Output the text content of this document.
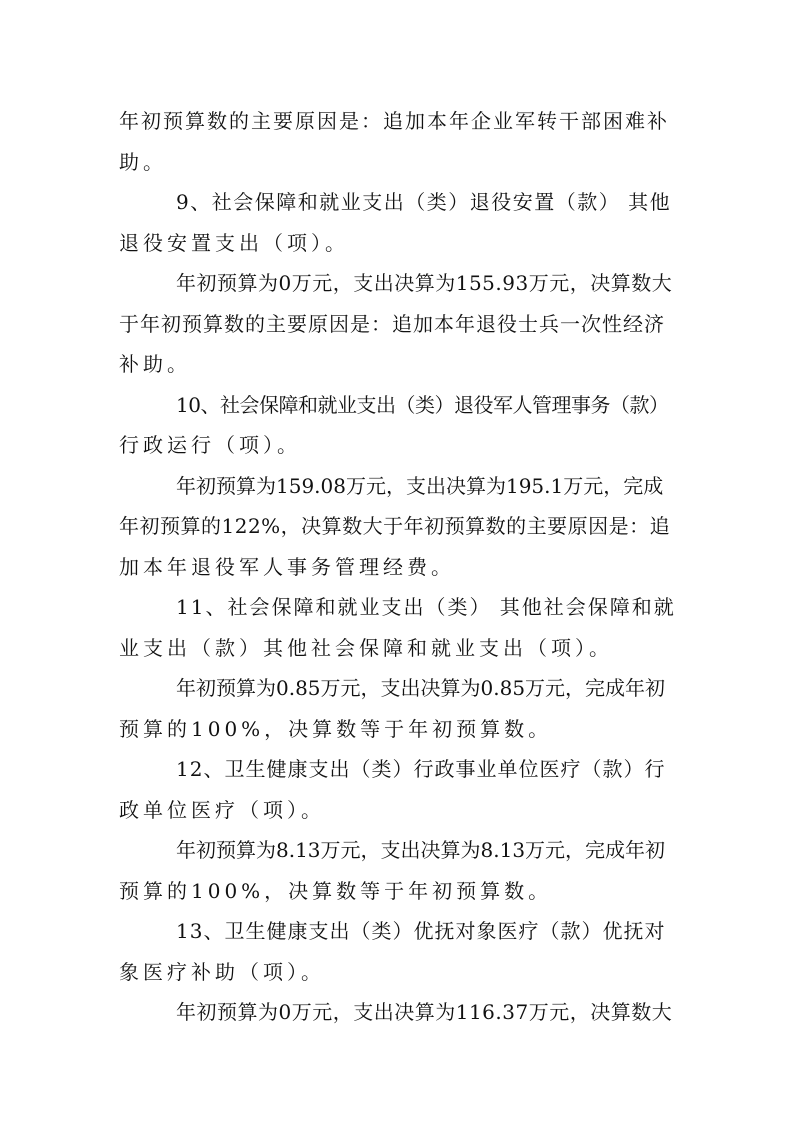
年初预算数的主要原因是：追加本年企业军转干部困难补
助。
9、社会保障和就业支出（类）退役安置（款） 其他
退役安置支出（项）。
年初预算为0万元，支出决算为155.93万元，决算数大
于年初预算数的主要原因是：追加本年退役士兵一次性经济
补助。
10、社会保障和就业支出（类）退役军人管理事务（款）
行政运行（项）。
年初预算为159.08万元，支出决算为195.1万元，完成
年初预算的122%，决算数大于年初预算数的主要原因是：追
加本年退役军人事务管理经费。
11、社会保障和就业支出（类） 其他社会保障和就
业支出（款）其他社会保障和就业支出（项）。
年初预算为0.85万元，支出决算为0.85万元，完成年初
预算的100%，决算数等于年初预算数。
12、卫生健康支出（类）行政事业单位医疗（款）行
政单位医疗（项）。
年初预算为8.13万元，支出决算为8.13万元，完成年初
预算的100%，决算数等于年初预算数。
13、卫生健康支出（类）优抚对象医疗（款）优抚对
象医疗补助（项）。
年初预算为0万元，支出决算为116.37万元，决算数大
